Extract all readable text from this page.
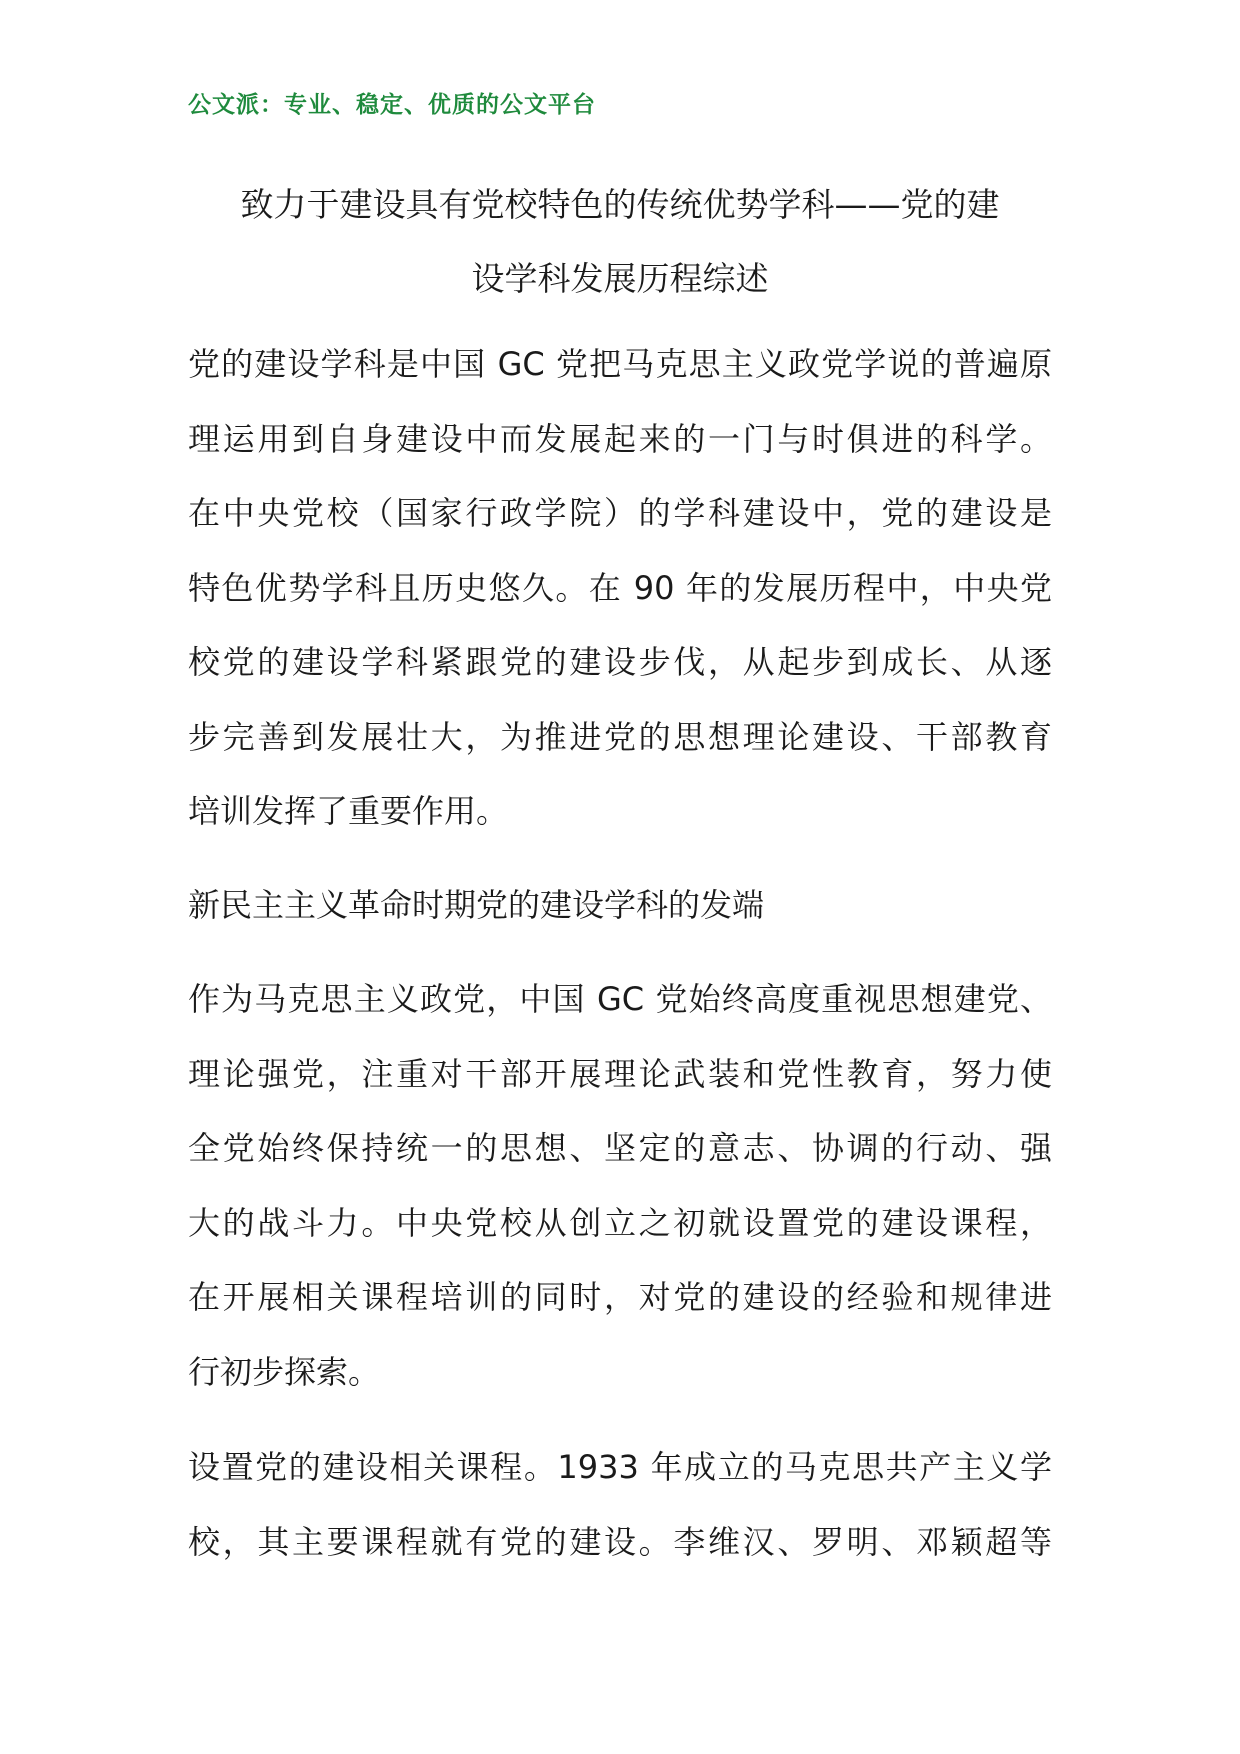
公文派：专业、稳定、优质的公文平台
致力于建设具有党校特色的传统优势学科——党的建
设学科发展历程综述
党的建设学科是中国 GC 党把马克思主义政党学说的普遍原
理运用到自身建设中而发展起来的一门与时俱进的科学。
在中央党校（国家行政学院）的学科建设中，党的建设是
特色优势学科且历史悠久。在 90 年的发展历程中，中央党
校党的建设学科紧跟党的建设步伐，从起步到成长、从逐
步完善到发展壮大，为推进党的思想理论建设、干部教育
培训发挥了重要作用。
新民主主义革命时期党的建设学科的发端
作为马克思主义政党，中国 GC 党始终高度重视思想建党、
理论强党，注重对干部开展理论武装和党性教育，努力使
全党始终保持统一的思想、坚定的意志、协调的行动、强
大的战斗力。中央党校从创立之初就设置党的建设课程，
在开展相关课程培训的同时，对党的建设的经验和规律进
行初步探索。
设置党的建设相关课程。1933 年成立的马克思共产主义学
校，其主要课程就有党的建设。李维汉、罗明、邓颖超等
